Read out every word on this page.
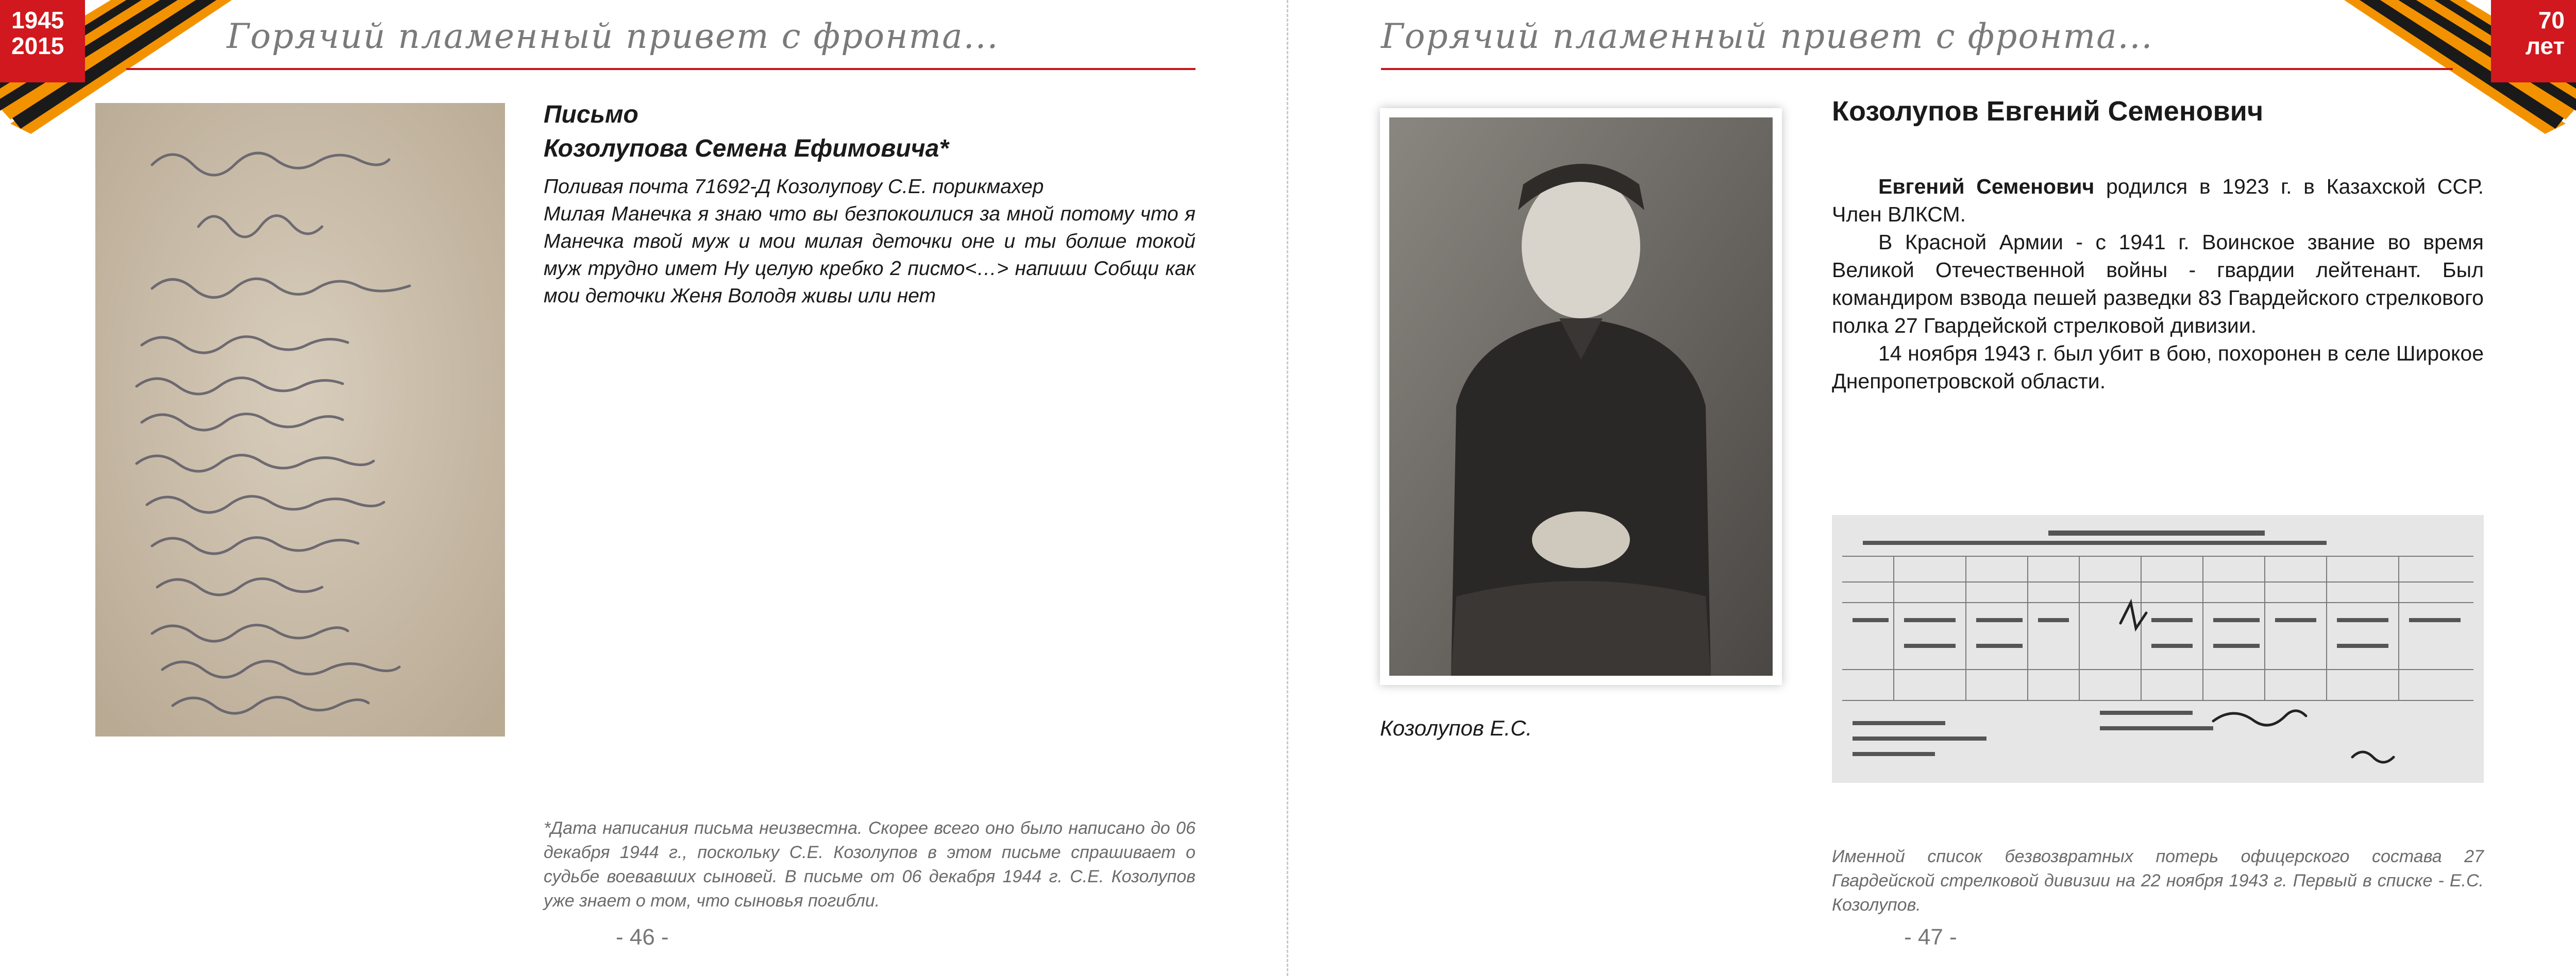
1945
2015	Горячий пламенный привет с фронта...
Письмо
Козолупова Семена Ефимовича*
Поливая почта 71692-Д Козолупову С.Е. порикмахер
Милая Манечка я знаю что вы безпокоилися за мной потому что я Манечка твой муж и мои милая деточки оне и ты болше токой муж трудно имет Ну целую кребко 2 писмо<…> напиши Собщи как мои деточки Женя Володя живы или нет
*Дата написания письма неизвестна. Скорее всего оно было написано до 06 декабря 1944 г., поскольку С.Е. Козолупов в этом письме спрашивает о судьбе воевавших сыновей. В письме от 06 декабря 1944 г. С.Е. Козолупов уже знает о том, что сыновья погибли.
- 46 -
70
лет
Горячий пламенный привет с фронта...
- 47 -
Козолупов Е.С.
Козолупов Евгений Семенович

Евгений Семенович родился в 1923 г. в Казахской ССР. Член ВЛКСМ.

В Красной Армии - с 1941 г. Воинское звание во время Великой Отечественной войны - гвардии лейтенант. Был командиром взвода пешей разведки 83 Гвардейского стрелкового полка 27 Гвардейской стрелковой дивизии.

14 ноября 1943 г. был убит в бою, похоронен в селе Широкое Днепропетровской области.

Именной список безвозвратных потерь офицерского состава 27 Гвардейской стрелковой дивизии на 22 ноября 1943 г. Первый в списке - Е.С. Козолупов.
